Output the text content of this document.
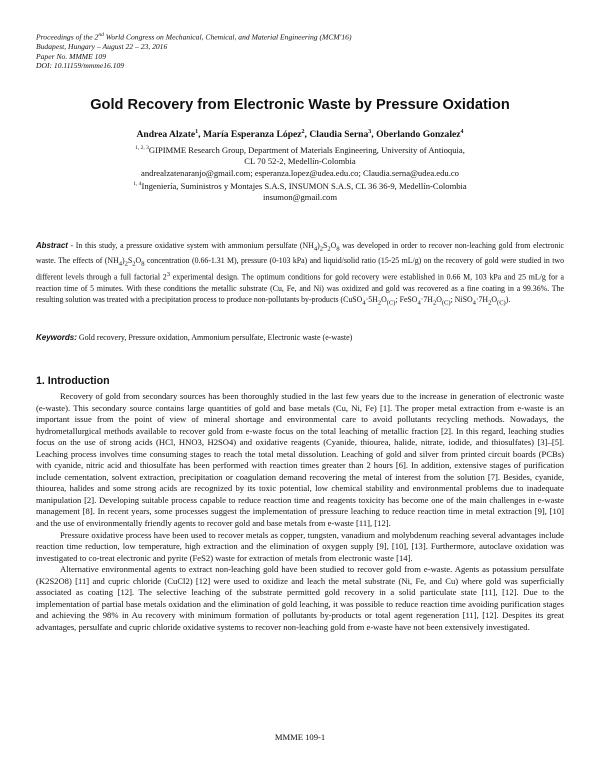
Proceedings of the 2nd World Congress on Mechanical, Chemical, and Material Engineering (MCM'16)
Budapest, Hungary – August 22 – 23, 2016
Paper No. MMME 109
DOI: 10.11159/mmme16.109
Gold Recovery from Electronic Waste by Pressure Oxidation
Andrea Alzate$^1$, María Esperanza López$^2$, Claudia Serna$^3$, Oberlando Gonzalez$^4$
$^{1, 2, 3}$GIPIMME Research Group, Department of Materials Engineering, University of Antioquia,
CL 70 52-2, Medellín-Colombia
andrealzatenaranjo@gmail.com; esperanza.lopez@udea.edu.co; Claudia.serna@udea.edu.co
$^{1, 4}$Ingeniería, Suministros y Montajes S.A.S, INSUMON S.A.S, CL 36 36-9, Medellín-Colombia
insumon@gmail.com
Abstract - In this study, a pressure oxidative system with ammonium persulfate $(NH_4)_2S_2O_8$ was developed in order to recover non-leaching gold from electronic waste. The effects of $(NH_4)_2S_2O_8$ concentration (0.66-1.31 M), pressure (0-103 kPa) and liquid/solid ratio (15-25 mL/g) on the recovery of gold were studied in two different levels through a full factorial $2^3$ experimental design. The optimum conditions for gold recovery were established in 0.66 M, 103 kPa and 25 mL/g for a reaction time of 5 minutes. With these conditions the metallic substrate (Cu, Fe, and Ni) was oxidized and gold was recovered as a fine coating in a 99.36%. The resulting solution was treated with a precipitation process to produce non-pollutants by-products ($CuSO_4\cdot 5H_2O_{(C)}$; $FeSO_4\cdot 7H_2O_{(C)}$; $NiSO_4\cdot 7H_2O_{(C)}$).
Keywords: Gold recovery, Pressure oxidation, Ammonium persulfate, Electronic waste (e-waste)
1. Introduction

Recovery of gold from secondary sources has been thoroughly studied in the last few years due to the increase in generation of electronic waste (e-waste). This secondary source contains large quantities of gold and base metals (Cu, Ni, Fe) [1]. The proper metal extraction from e-waste is an important issue from the point of view of mineral shortage and environmental care to avoid pollutants recycling methods. Nowadays, the hydrometallurgical methods available to recover gold from e-waste focus on the total leaching of metallic fraction [2]. In this regard, leaching studies focus on the use of strong acids (HCl, HNO3, H2SO4) and oxidative reagents (Cyanide, thiourea, halide, nitrate, iodide, and thiosulfates) [3]–[5]. Leaching process involves time consuming stages to reach the total metal dissolution. Leaching of gold and silver from printed circuit boards (PCBs) with cyanide, nitric acid and thiosulfate has been performed with reaction times greater than 2 hours [6]. In addition, extensive stages of purification include cementation, solvent extraction, precipitation or coagulation demand recovering the metal of interest from the solution [7]. Besides, cyanide, thiourea, halides and some strong acids are recognized by its toxic potential, low chemical stability and environmental problems due to inadequate manipulation [2]. Developing suitable process capable to reduce reaction time and reagents toxicity has become one of the main challenges in e-waste management [8]. In recent years, some processes suggest the implementation of pressure leaching to reduce reaction time in metal extraction [9], [10] and the use of environmentally friendly agents to recover gold and base metals from e-waste [11], [12].

Pressure oxidative process have been used to recover metals as copper, tungsten, vanadium and molybdenum reaching several advantages include reaction time reduction, low temperature, high extraction and the elimination of oxygen supply [9], [10], [13]. Furthermore, autoclave oxidation was investigated to co-treat electronic and pyrite (FeS2) waste for extraction of metals from electronic waste [14].

Alternative environmental agents to extract non-leaching gold have been studied to recover gold from e-waste. Agents as potassium persulfate (K2S2O8) [11] and cupric chloride (CuCl2) [12] were used to oxidize and leach the metal substrate (Ni, Fe, and Cu) where gold was superficially associated as coating [12]. The selective leaching of the substrate permitted gold recovery in a solid particulate state [11], [12]. Due to the implementation of partial base metals oxidation and the elimination of gold leaching, it was possible to reduce reaction time avoiding purification stages and achieving the 98% in Au recovery with minimum formation of pollutants by-products or total agent regeneration [11], [12]. Despites its great advantages, persulfate and cupric chloride oxidative systems to recover non-leaching gold from e-waste have not been extensively investigated.

MMME 109-1
